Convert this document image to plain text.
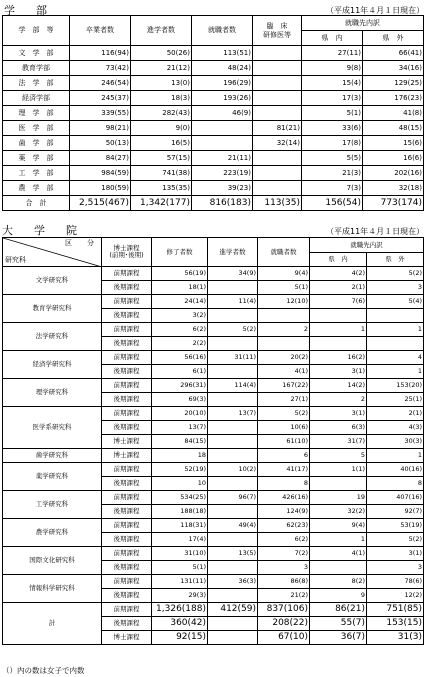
学　部	（平成11年４月１日現在）
学　部　等	卒業者数	進学者数	就職者数	臨　床
研修医等	就職先内訳	
					県　内	県　外
文　学　部	116(94)	50(26)	113(51)		27(11)	66(41)
教育学部	73(42)	21(12)	48(24)		9(8)	34(16)
法　学　部	246(54)	13(0)	196(29)		15(4)	129(25)
経済学部	245(37)	18(3)	193(26)		17(3)	176(23)
理　学　部	339(55)	282(43)	46(9)		5(1)	41(8)
医　学　部	98(21)	9(0)		81(21)	33(6)	48(15)
歯　学　部	50(13)	16(5)		32(14)	17(8)	15(6)
薬　学　部	84(27)	57(15)	21(11)		5(5)	16(6)
工　学　部	984(59)	741(38)	223(19)		21(3)	202(16)
農　学　部	180(59)	135(35)	39(23)		7(3)	32(18)
合　計	2,515(467)	1,342(177)	816(183)	113(35)	156(54)	773(174)
大　学　院	（平成11年４月１日現在）
区　分
研究科	博士課程
(前期･後期)	修了者数	進学者数	就職者数	就職先内訳	
					県　内	県　外
文学研究科	前期課程	56(19)	34(9)	9(4)	4(2)	5(2)
	後期課程	18(1)		5(1)	2(1)	3
教育学研究科	前期課程	24(14)	11(4)	12(10)	7(6)	5(4)
	後期課程	3(2)				
法学研究科	前期課程	6(2)	5(2)	2	1	1
	後期課程	2(2)				
経済学研究科	前期課程	56(16)	31(11)	20(2)	16(2)	4
	後期課程	6(1)		4(1)	3(1)	1
理学研究科	前期課程	296(31)	114(4)	167(22)	14(2)	153(20)
	後期課程	69(3)		27(1)	2	25(1)
医学系研究科	前期課程	20(10)	13(7)	5(2)	3(1)	2(1)
	後期課程	13(7)		10(6)	6(3)	4(3)
	博士課程	84(15)		61(10)	31(7)	30(3)
歯学研究科	博士課程	18		6	5	1
薬学研究科	前期課程	52(19)	10(2)	41(17)	1(1)	40(16)
	後期課程	10		8		8
工学研究科	前期課程	534(25)	96(7)	426(16)	19	407(16)
	後期課程	188(18)		124(9)	32(2)	92(7)
農学研究科	前期課程	118(31)	49(4)	62(23)	9(4)	53(19)
	後期課程	17(4)		6(2)	1	5(2)
国際文化研究科	前期課程	31(10)	13(5)	7(2)	4(1)	3(1)
	後期課程	5(1)		3		3
情報科学研究科	前期課程	131(11)	36(3)	86(8)	8(2)	78(6)
	後期課程	29(3)		21(2)	9	12(2)
計	前期課程	1,326(188)	412(59)	837(106)	86(21)	751(85)
	後期課程	360(42)		208(22)	55(7)	153(15)
	博士課程	92(15)		67(10)	36(7)	31(3)
（）内の数は女子で内数
